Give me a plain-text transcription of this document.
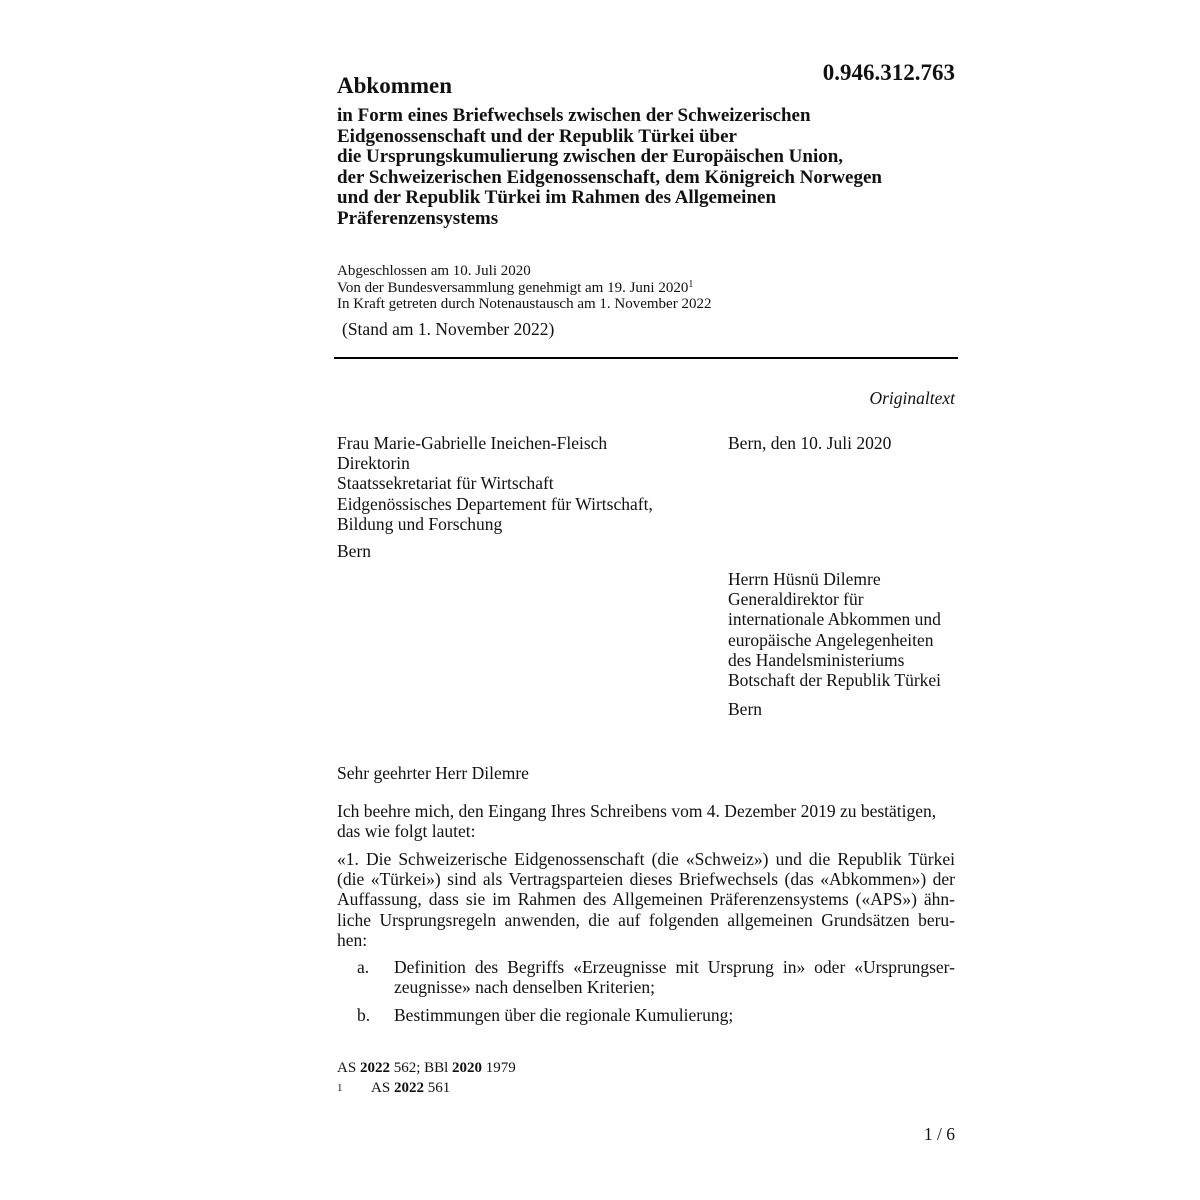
0.946.312.763
Abkommen
in Form eines Briefwechsels zwischen der Schweizerischen
Eidgenossenschaft und der Republik Türkei über
die Ursprungskumulierung zwischen der Europäischen Union,
der Schweizerischen Eidgenossenschaft, dem Königreich Norwegen
und der Republik Türkei im Rahmen des Allgemeinen
Präferenzensystems
Abgeschlossen am 10. Juli 2020
Von der Bundesversammlung genehmigt am 19. Juni 2020$^1$
In Kraft getreten durch Notenaustausch am 1. November 2022
(Stand am 1. November 2022)
Originaltext
Frau Marie-Gabrielle Ineichen-Fleisch
Direktorin
Staatssekretariat für Wirtschaft
Eidgenössisches Departement für Wirtschaft,
Bildung und Forschung
Bern
Bern, den 10. Juli 2020
Herrn Hüsnü Dilemre
Generaldirektor für
internationale Abkommen und
europäische Angelegenheiten
des Handelsministeriums
Botschaft der Republik Türkei
Bern
Sehr geehrter Herr Dilemre
Ich beehre mich, den Eingang Ihres Schreibens vom 4. Dezember 2019 zu bestätigen,
das wie folgt lautet:
«1. Die Schweizerische Eidgenossenschaft (die «Schweiz») und die Republik Türkei
(die «Türkei») sind als Vertragsparteien dieses Briefwechsels (das «Abkommen») der
Auffassung, dass sie im Rahmen des Allgemeinen Präferenzensystems («APS») ähn-
liche Ursprungsregeln anwenden, die auf folgenden allgemeinen Grundsätzen beru-
hen:
a. Definition des Begriffs «Erzeugnisse mit Ursprung in» oder «Ursprungser-
zeugnisse» nach denselben Kriterien;
b. Bestimmungen über die regionale Kumulierung;
AS 2022 562; BBl 2020 1979
1 AS 2022 561
1 / 6
